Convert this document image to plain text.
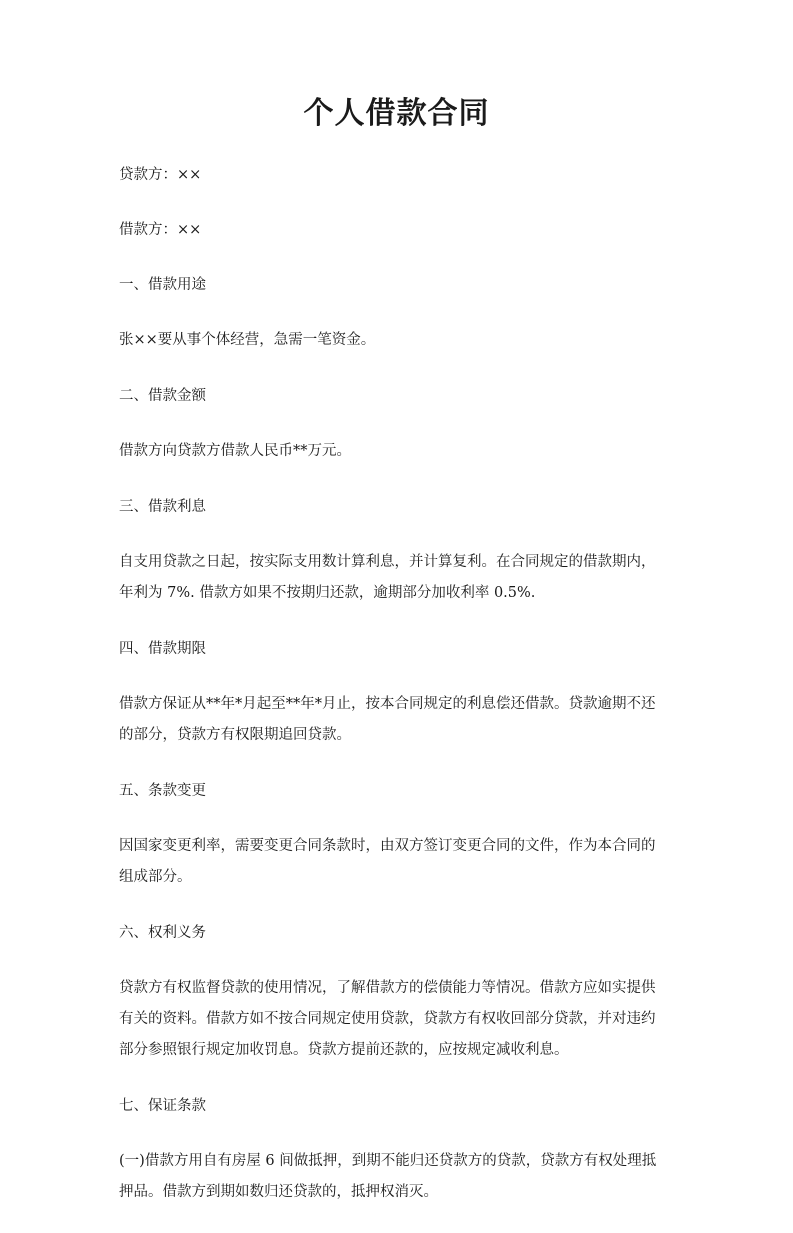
个人借款合同

贷款方：××

借款方：××

一、借款用途

张××要从事个体经营，急需一笔资金。

二、借款金额

借款方向贷款方借款人民币**万元。

三、借款利息

自支用贷款之日起，按实际支用数计算利息，并计算复利。在合同规定的借款期内，

年利为 7%. 借款方如果不按期归还款，逾期部分加收利率 0.5%.

四、借款期限

借款方保证从**年*月起至**年*月止，按本合同规定的利息偿还借款。贷款逾期不还

的部分，贷款方有权限期追回贷款。

五、条款变更

因国家变更利率，需要变更合同条款时，由双方签订变更合同的文件，作为本合同的

组成部分。

六、权利义务

贷款方有权监督贷款的使用情况，了解借款方的偿债能力等情况。借款方应如实提供

有关的资料。借款方如不按合同规定使用贷款，贷款方有权收回部分贷款，并对违约

部分参照银行规定加收罚息。贷款方提前还款的，应按规定减收利息。

七、保证条款

(一)借款方用自有房屋 6 间做抵押，到期不能归还贷款方的贷款，贷款方有权处理抵

押品。借款方到期如数归还贷款的，抵押权消灭。
